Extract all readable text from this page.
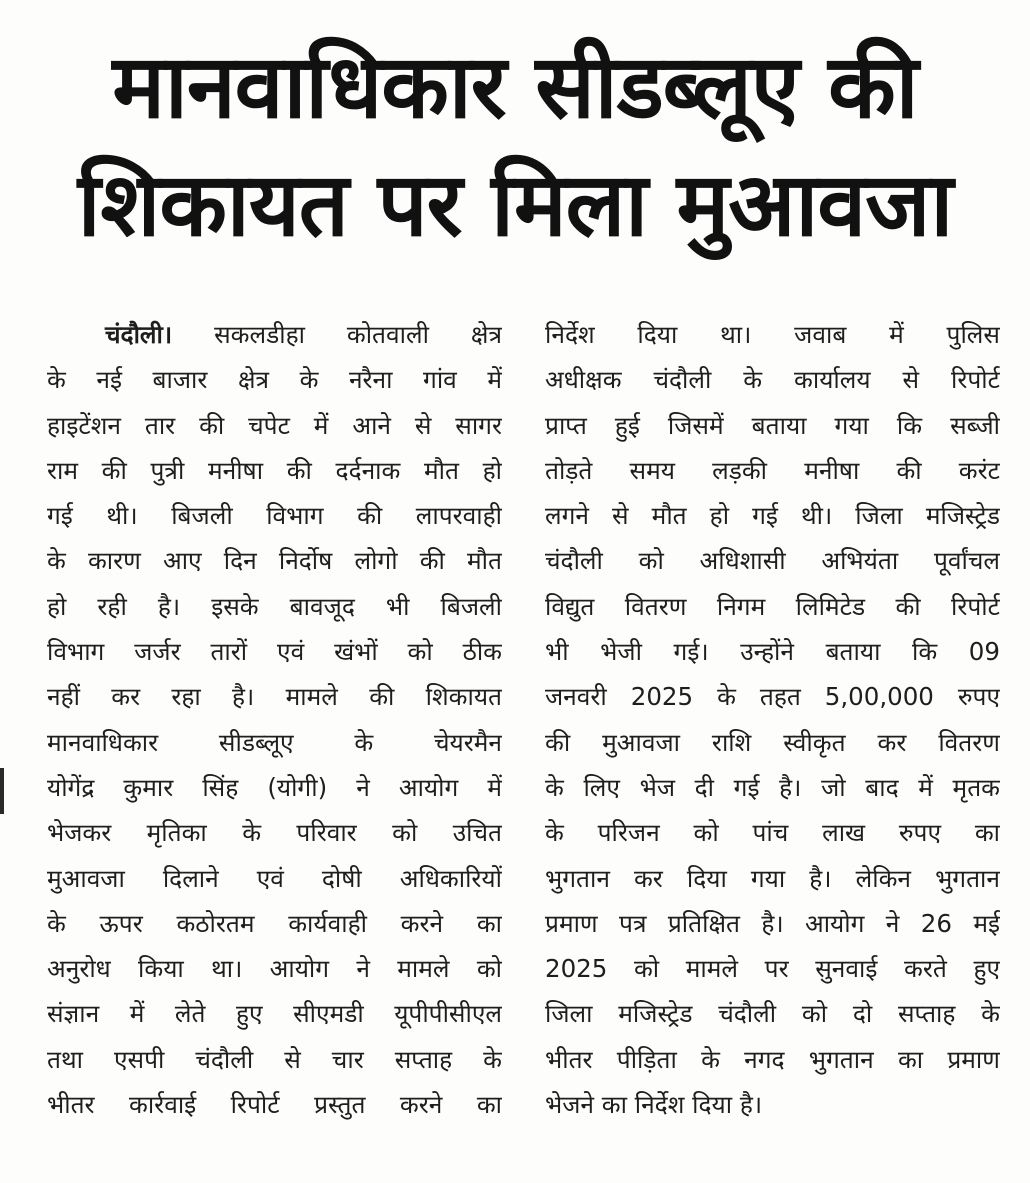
मानवाधिकार सीडब्लूए की
शिकायत पर मिला मुआवजा
चंदौली। सकलडीहा कोतवाली क्षेत्र
के नई बाजार क्षेत्र के नरैना गांव में
हाइटेंशन तार की चपेट में आने से सागर
राम की पुत्री मनीषा की दर्दनाक मौत हो
गई थी। बिजली विभाग की लापरवाही
के कारण आए दिन निर्दोष लोगो की मौत
हो रही है। इसके बावजूद भी बिजली
विभाग जर्जर तारों एवं खंभों को ठीक
नहीं कर रहा है। मामले की शिकायत
मानवाधिकार सीडब्लूए के चेयरमैन
योगेंद्र कुमार सिंह (योगी) ने आयोग में
भेजकर मृतिका के परिवार को उचित
मुआवजा दिलाने एवं दोषी अधिकारियों
के ऊपर कठोरतम कार्यवाही करने का
अनुरोध किया था। आयोग ने मामले को
संज्ञान में लेते हुए सीएमडी यूपीपीसीएल
तथा एसपी चंदौली से चार सप्ताह के
भीतर कार्रवाई रिपोर्ट प्रस्तुत करने का
निर्देश दिया था। जवाब में पुलिस
अधीक्षक चंदौली के कार्यालय से रिपोर्ट
प्राप्त हुई जिसमें बताया गया कि सब्जी
तोड़ते समय लड़की मनीषा की करंट
लगने से मौत हो गई थी। जिला मजिस्ट्रेड
चंदौली को अधिशासी अभियंता पूर्वांचल
विद्युत वितरण निगम लिमिटेड की रिपोर्ट
भी भेजी गई। उन्होंने बताया कि 09
जनवरी 2025 के तहत 5,00,000 रुपए
की मुआवजा राशि स्वीकृत कर वितरण
के लिए भेज दी गई है। जो बाद में मृतक
के परिजन को पांच लाख रुपए का
भुगतान कर दिया गया है। लेकिन भुगतान
प्रमाण पत्र प्रतिक्षित है। आयोग ने 26 मई
2025 को मामले पर सुनवाई करते हुए
जिला मजिस्ट्रेड चंदौली को दो सप्ताह के
भीतर पीड़िता के नगद भुगतान का प्रमाण
भेजने का निर्देश दिया है।
